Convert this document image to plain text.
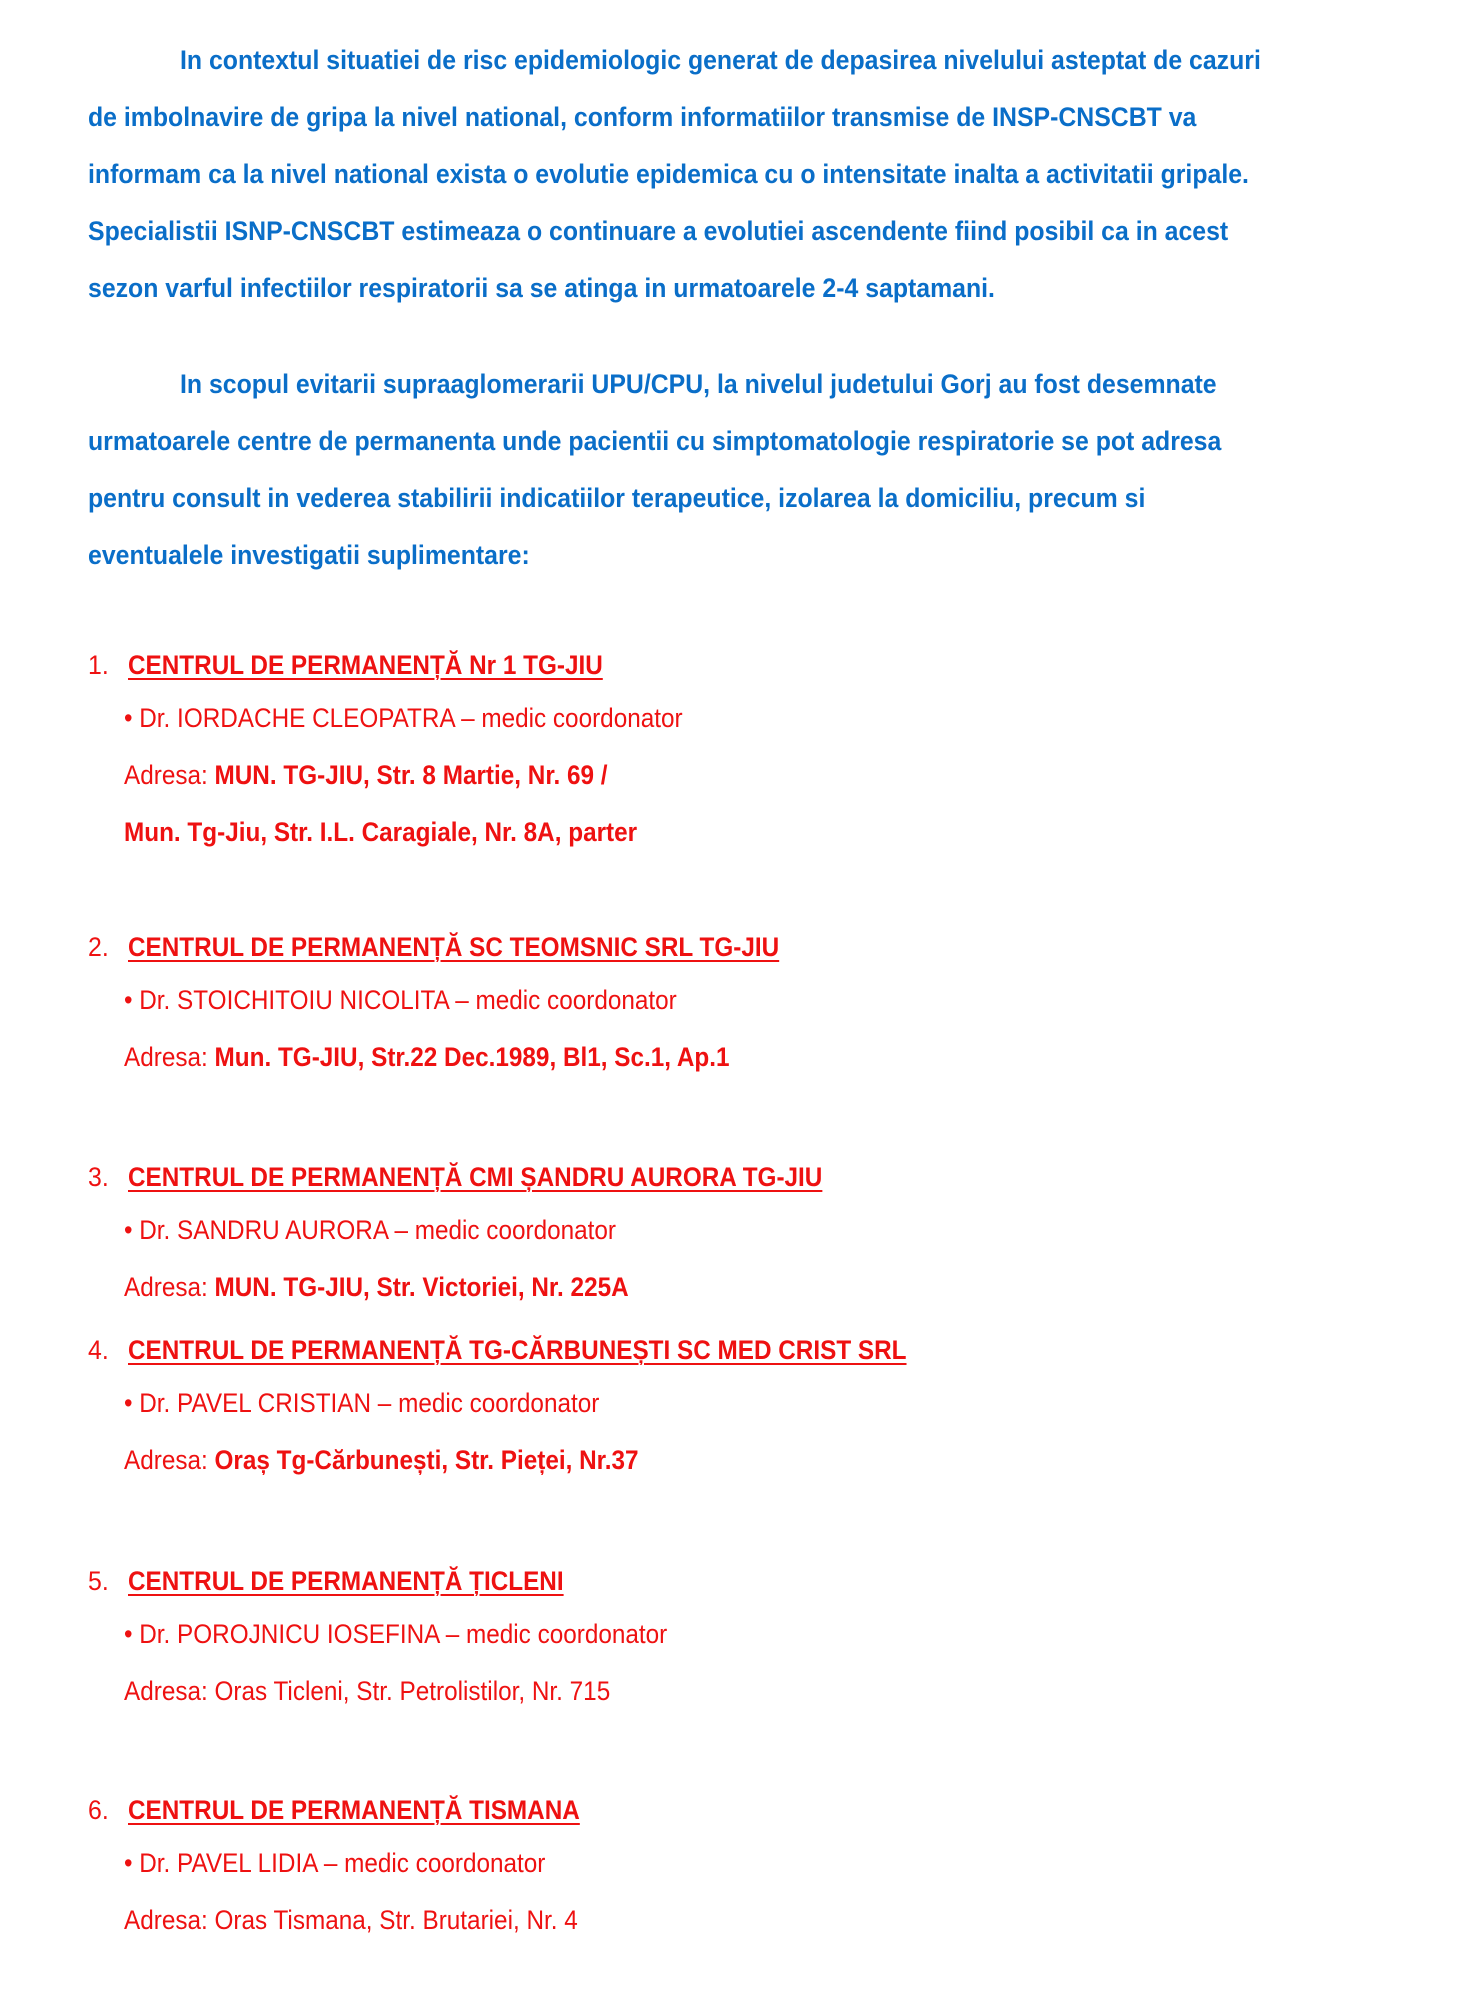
In contextul situatiei de risc epidemiologic generat de depasirea nivelului asteptat de cazuri
de imbolnavire de gripa la nivel national, conform informatiilor transmise de INSP-CNSCBT va
informam ca la nivel national exista o evolutie epidemica cu o intensitate inalta a activitatii gripale.
Specialistii ISNP-CNSCBT estimeaza o continuare a evolutiei ascendente fiind posibil ca in acest
sezon varful infectiilor respiratorii sa se atinga in urmatoarele 2-4 saptamani.

In scopul evitarii supraaglomerarii UPU/CPU, la nivelul judetului Gorj au fost desemnate
urmatoarele centre de permanenta unde pacientii cu simptomatologie respiratorie se pot adresa
pentru consult in vederea stabilirii indicatiilor terapeutice, izolarea la domiciliu, precum si
eventualele investigatii suplimentare:

1. CENTRUL DE PERMANENȚĂ Nr 1 TG-JIU
• Dr. IORDACHE CLEOPATRA – medic coordonator
Adresa: MUN. TG-JIU, Str. 8 Martie, Nr. 69 /
Mun. Tg-Jiu, Str. I.L. Caragiale, Nr. 8A, parter
2. CENTRUL DE PERMANENȚĂ SC TEOMSNIC SRL TG-JIU
• Dr. STOICHITOIU NICOLITA – medic coordonator
Adresa: Mun. TG-JIU, Str.22 Dec.1989, Bl1, Sc.1, Ap.1
3. CENTRUL DE PERMANENȚĂ CMI ȘANDRU AURORA TG-JIU
• Dr. SANDRU AURORA – medic coordonator
Adresa: MUN. TG-JIU, Str. Victoriei, Nr. 225A
4. CENTRUL DE PERMANENȚĂ TG-CĂRBUNEȘTI SC MED CRIST SRL
• Dr. PAVEL CRISTIAN – medic coordonator
Adresa: Oraș Tg-Cărbunești, Str. Pieței, Nr.37
5. CENTRUL DE PERMANENȚĂ ȚICLENI
• Dr. POROJNICU IOSEFINA – medic coordonator
Adresa: Oras Ticleni, Str. Petrolistilor, Nr. 715
6. CENTRUL DE PERMANENȚĂ TISMANA
• Dr. PAVEL LIDIA – medic coordonator
Adresa: Oras Tismana, Str. Brutariei, Nr. 4
